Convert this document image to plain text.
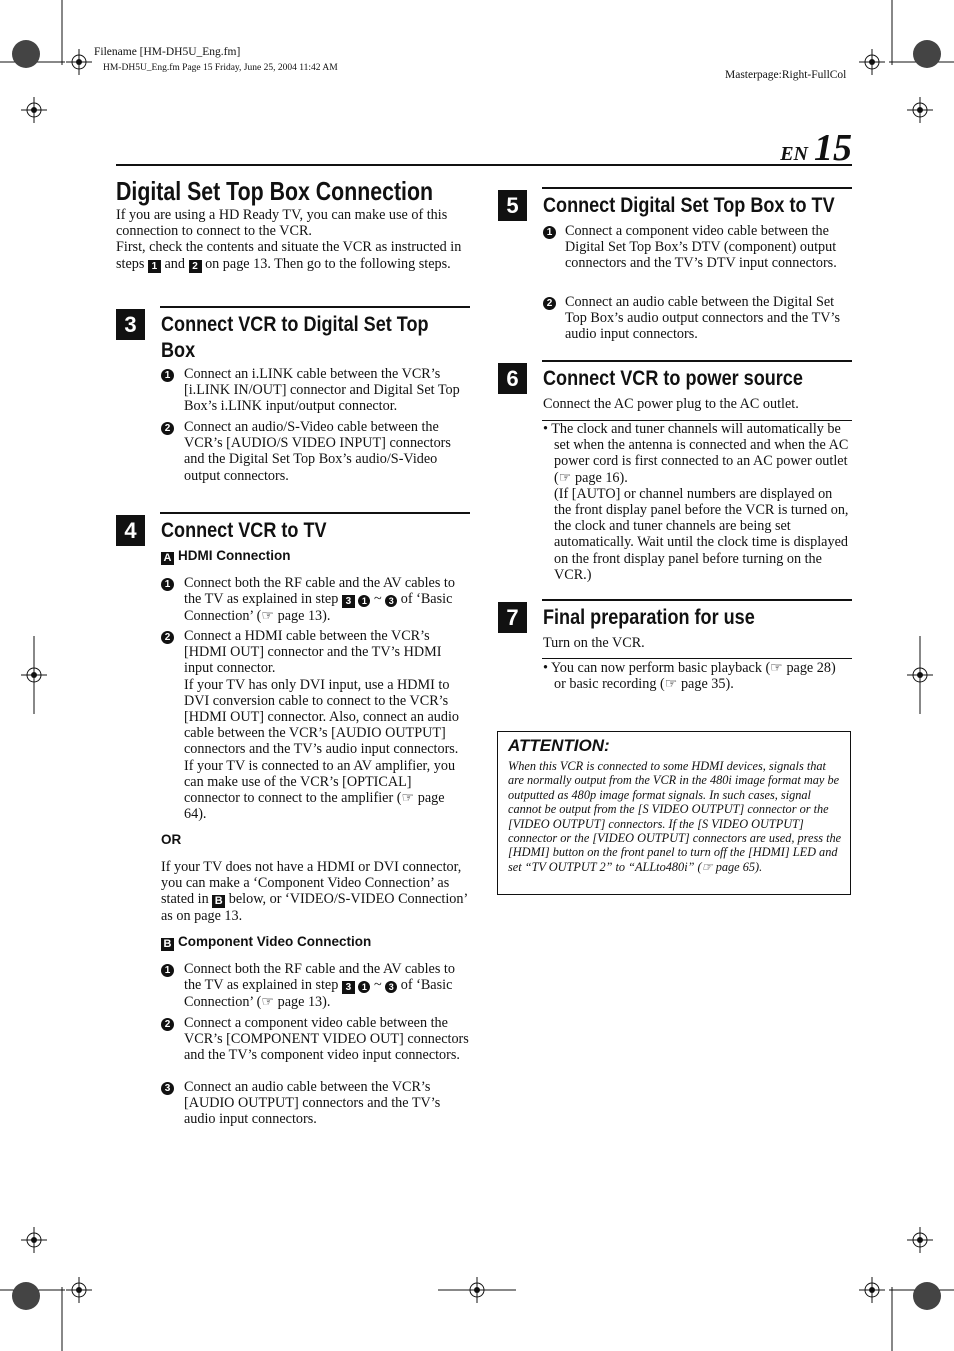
Filename [HM-DH5U_Eng.fm]
HM-DH5U_Eng.fm Page 15 Friday, June 25, 2004 11:42 AM
Masterpage:Right-FullCol
EN 15
Digital Set Top Box Connection
If you are using a HD Ready TV, you can make use of this connection to connect to the VCR.
First, check the contents and situate the VCR as instructed in steps 1 and 2 on page 13. Then go to the following steps.
3	Connect VCR to Digital Set Top
Box
1 Connect an i.LINK cable between the VCR’s [i.LINK IN/OUT] connector and Digital Set Top Box’s i.LINK input/output connector.
2 Connect an audio/S-Video cable between the VCR’s [AUDIO/S VIDEO INPUT] connectors and the Digital Set Top Box’s audio/S-Video output connectors.
4	Connect VCR to TV
A HDMI Connection
1 Connect both the RF cable and the AV cables to the TV as explained in step 3 1 ~ 3 of ‘Basic Connection’ (☞ page 13).
2 Connect a HDMI cable between the VCR’s [HDMI OUT] connector and the TV’s HDMI input connector.
If your TV has only DVI input, use a HDMI to DVI conversion cable to connect to the VCR’s [HDMI OUT] connector. Also, connect an audio cable between the VCR’s [AUDIO OUTPUT] connectors and the TV’s audio input connectors. If your TV is connected to an AV amplifier, you can make use of the VCR’s [OPTICAL] connector to connect to the amplifier (☞ page 64).
OR
If your TV does not have a HDMI or DVI connector, you can make a ‘Component Video Connection’ as stated in B below, or ‘VIDEO/S-VIDEO Connection’ as on page 13.
B Component Video Connection
1 Connect both the RF cable and the AV cables to the TV as explained in step 3 1 ~ 3 of ‘Basic Connection’ (☞ page 13).
2 Connect a component video cable between the VCR’s [COMPONENT VIDEO OUT] connectors and the TV’s component video input connectors.
3 Connect an audio cable between the VCR’s [AUDIO OUTPUT] connectors and the TV’s audio input connectors.
5	Connect Digital Set Top Box to TV
1 Connect a component video cable between the Digital Set Top Box’s DTV (component) output connectors and the TV’s DTV input connectors.
2 Connect an audio cable between the Digital Set Top Box’s audio output connectors and the TV’s audio input connectors.
6	Connect VCR to power source
Connect the AC power plug to the AC outlet.
• The clock and tuner channels will automatically be set when the antenna is connected and when the AC power cord is first connected to an AC power outlet (☞ page 16).
(If [AUTO] or channel numbers are displayed on the front display panel before the VCR is turned on, the clock and tuner channels are being set automatically. Wait until the clock time is displayed on the front display panel before turning on the VCR.)
7	Final preparation for use
Turn on the VCR.
• You can now perform basic playback (☞ page 28) or basic recording (☞ page 35).
ATTENTION:
When this VCR is connected to some HDMI devices, signals that are normally output from the VCR in the 480i image format may be outputted as 480p image format signals. In such cases, signal cannot be output from the [S VIDEO OUTPUT] connector or the [VIDEO OUTPUT] connectors. If the [S VIDEO OUTPUT] connector or the [VIDEO OUTPUT] connectors are used, press the [HDMI] button on the front panel to turn off the [HDMI] LED and set “TV OUTPUT 2” to “ALLto480i” (☞ page 65).
